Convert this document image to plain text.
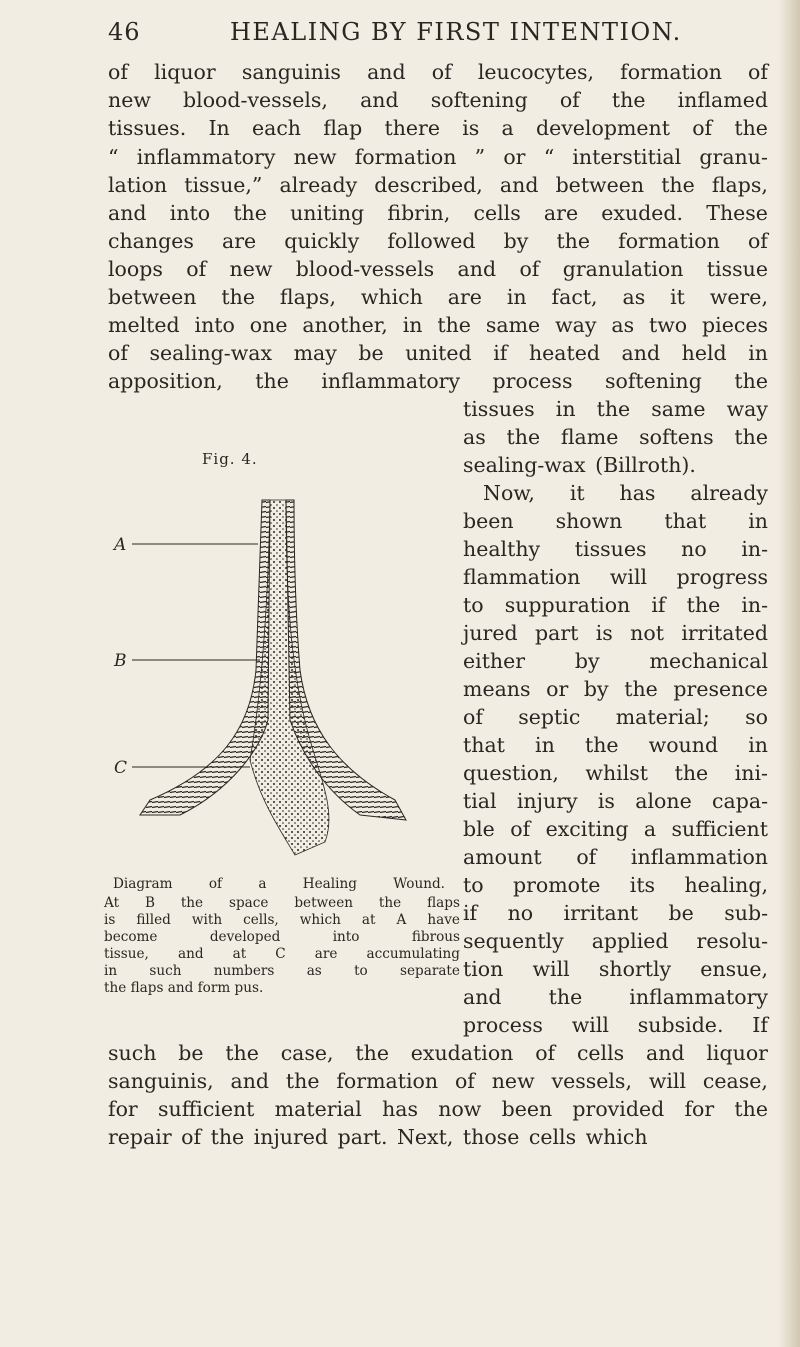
46	HEALING BY FIRST INTENTION.
of liquor sanguinis and of leucocytes, formation of
new blood-vessels, and softening of the inflamed
tissues. In each flap there is a development of the
“ inflammatory new formation ” or “ interstitial granu-
lation tissue,” already described, and between the flaps,
and into the uniting fibrin, cells are exuded. These
changes are quickly followed by the formation of
loops of new blood-vessels and of granulation tissue
between the flaps, which are in fact, as it were,
melted into one another, in the same way as two pieces
of sealing-wax may be united if heated and held in
apposition, the inflammatory process softening the
tissues in the same way
as the flame softens the
sealing-wax (Billroth).
Now, it has already
been shown that in
healthy tissues no in-
flammation will progress
to suppuration if the in-
jured part is not irritated
either by mechanical
means or by the presence
of septic material; so
that in the wound in
question, whilst the ini-
tial injury is alone capa-
ble of exciting a sufficient
amount of inflammation
to promote its healing,
if no irritant be sub-
sequently applied resolu-
tion will shortly ensue,
and the inflammatory
process will subside. If
such be the case, the exudation of cells and liquor
sanguinis, and the formation of new vessels, will cease,
for sufficient material has now been provided for the
repair of the injured part. Next, those cells which
Fig. 4.
A
B
C
Diagram	of	a	Healing	Wound.
At B the space between the flaps
is filled with cells, which at A have
become	developed	into	fibrous
tissue, and at C are accumulating
in such numbers as to separate
the flaps and form pus.
